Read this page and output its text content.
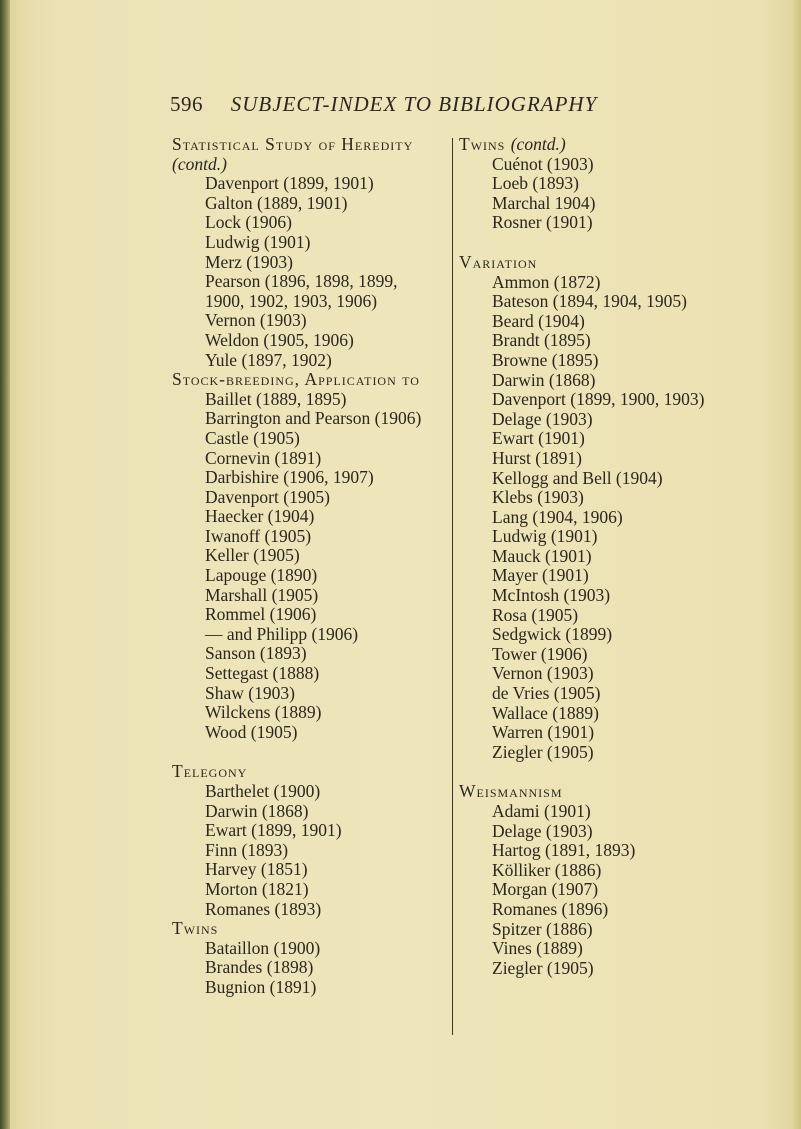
596 SUBJECT-INDEX TO BIBLIOGRAPHY
Statistical Study of Heredity
(contd.)
Davenport (1899, 1901)
Galton (1889, 1901)
Lock (1906)
Ludwig (1901)
Merz (1903)
Pearson (1896, 1898, 1899,
1900, 1902, 1903, 1906)
Vernon (1903)
Weldon (1905, 1906)
Yule (1897, 1902)
Stock-breeding, Application to
Baillet (1889, 1895)
Barrington and Pearson (1906)
Castle (1905)
Cornevin (1891)
Darbishire (1906, 1907)
Davenport (1905)
Haecker (1904)
Iwanoff (1905)
Keller (1905)
Lapouge (1890)
Marshall (1905)
Rommel (1906)
— and Philipp (1906)
Sanson (1893)
Settegast (1888)
Shaw (1903)
Wilckens (1889)
Wood (1905)
Telegony
Barthelet (1900)
Darwin (1868)
Ewart (1899, 1901)
Finn (1893)
Harvey (1851)
Morton (1821)
Romanes (1893)
Twins
Bataillon (1900)
Brandes (1898)
Bugnion (1891)
Twins (contd.)
Cuénot (1903)
Loeb (1893)
Marchal 1904)
Rosner (1901)
Variation
Ammon (1872)
Bateson (1894, 1904, 1905)
Beard (1904)
Brandt (1895)
Browne (1895)
Darwin (1868)
Davenport (1899, 1900, 1903)
Delage (1903)
Ewart (1901)
Hurst (1891)
Kellogg and Bell (1904)
Klebs (1903)
Lang (1904, 1906)
Ludwig (1901)
Mauck (1901)
Mayer (1901)
McIntosh (1903)
Rosa (1905)
Sedgwick (1899)
Tower (1906)
Vernon (1903)
de Vries (1905)
Wallace (1889)
Warren (1901)
Ziegler (1905)
Weismannism
Adami (1901)
Delage (1903)
Hartog (1891, 1893)
Kölliker (1886)
Morgan (1907)
Romanes (1896)
Spitzer (1886)
Vines (1889)
Ziegler (1905)
